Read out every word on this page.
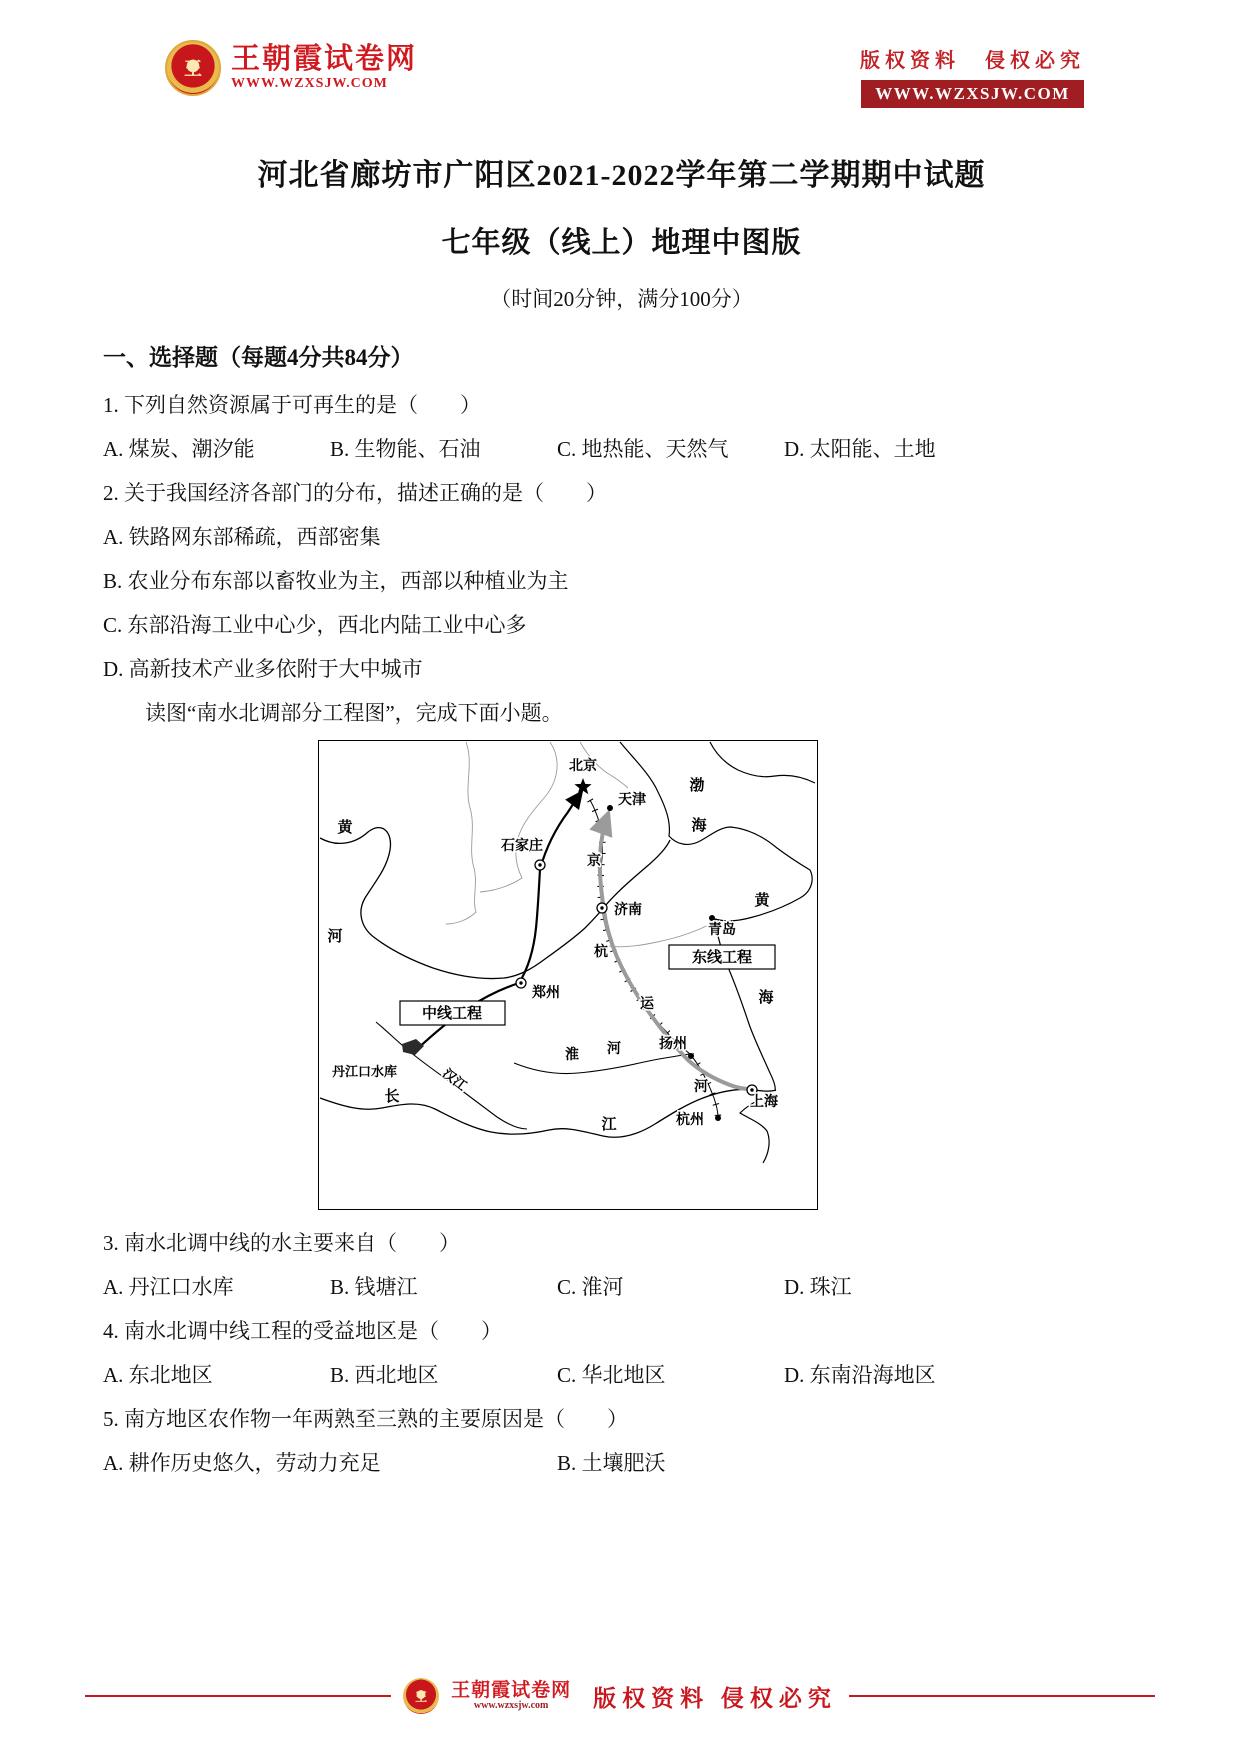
王 王朝霞试卷网
WWW.WZXSJW.COM
版权资料　侵权必究
WWW.WZXSJW.COM
河北省廊坊市广阳区2021-2022学年第二学期期中试题
七年级（线上）地理中图版
（时间20分钟，满分100分）
一、选择题（每题4分共84分）
1. 下列自然资源属于可再生的是（　　）
A. 煤炭、潮汐能	B. 生物能、石油	C. 地热能、天然气	D. 太阳能、土地
2. 关于我国经济各部门的分布，描述正确的是（　　）
A. 铁路网东部稀疏，西部密集
B. 农业分布东部以畜牧业为主，西部以种植业为主
C. 东部沿海工业中心少，西北内陆工业中心多
D. 高新技术产业多依附于大中城市
读图“南水北调部分工程图”，完成下面小题。
北京
天津
石家庄
济南
青岛
郑州
扬州
杭州
上海
渤
海
黄
海
黄
河
长
江
汉江
淮 河
京
杭
运
河
丹江口水库
东线工程
中线工程
3. 南水北调中线的水主要来自（　　）
A. 丹江口水库	B. 钱塘江	C. 淮河	D. 珠江
4. 南水北调中线工程的受益地区是（　　）
A. 东北地区	B. 西北地区	C. 华北地区	D. 东南沿海地区
5. 南方地区农作物一年两熟至三熟的主要原因是（　　）
A. 耕作历史悠久，劳动力充足	B. 土壤肥沃
王 王朝霞试卷网
www.wzxsjw.com	版权资料 侵权必究
